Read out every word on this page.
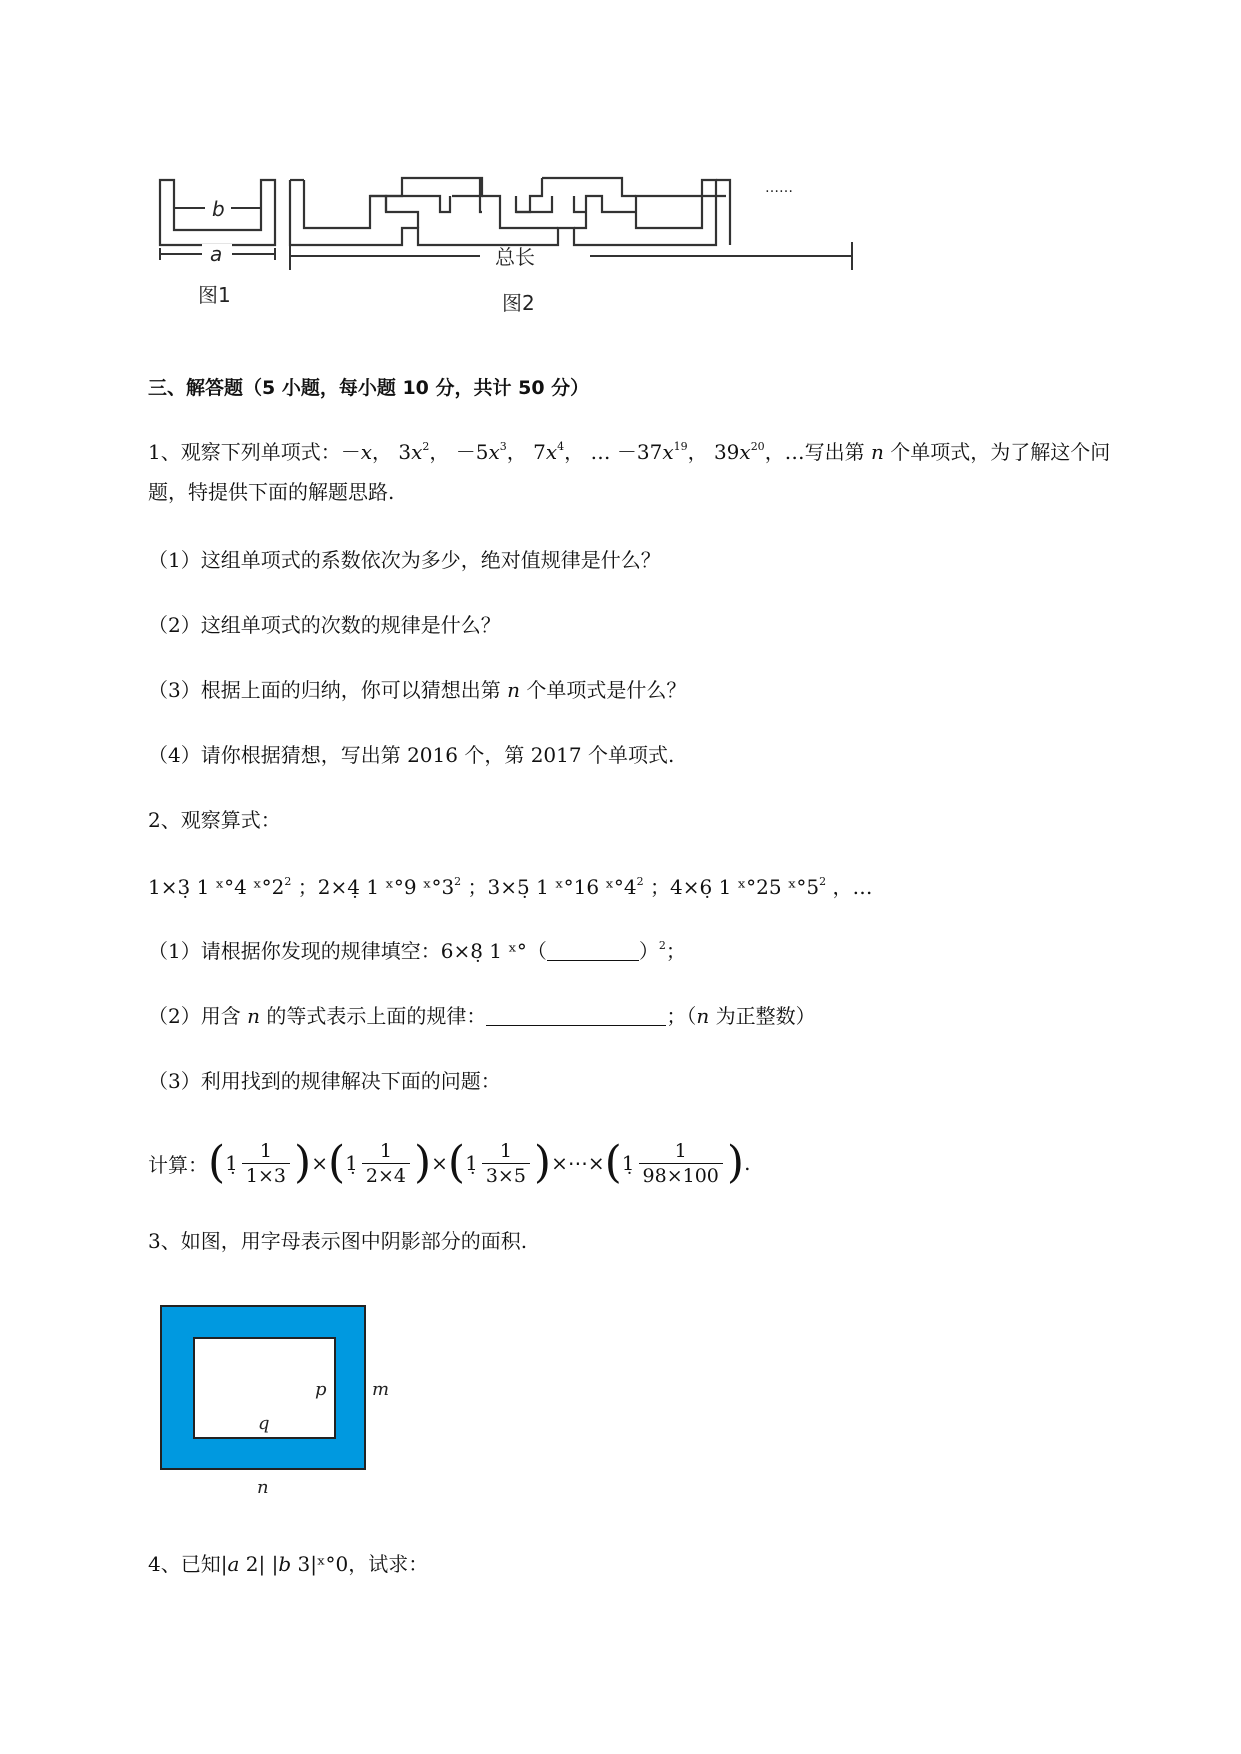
b
a
图1
总长
图2
……
三、解答题（5 小题，每小题 10 分，共计 50 分）
1、观察下列单项式：－x， $3x^2$， $-5x^3$， $7x^4$， … $-37x^{19}$， $39x^{20}$，…写出第 n 个单项式，为了解这个问
题，特提供下面的解题思路.
（1）这组单项式的系数依次为多少，绝对值规律是什么？
（2）这组单项式的次数的规律是什么？
（3）根据上面的归纳，你可以猜想出第 n 个单项式是什么？
（4）请你根据猜想，写出第 2016 个，第 2017 个单项式.
2、观察算式：
1×3̣ 1 ˣ°4 $ˣ^\circ 2^2$ ；2×4̣ 1 ˣ°9 $ˣ^\circ 3^2$ ；3×5̣ 1 ˣ°16 $ˣ^\circ 4^2$ ；4×6̣ 1 ˣ°25 $ˣ^\circ 5^2$ ，…
（1）请根据你发现的规律填空：6×8̣ 1 ˣ°（	）$^2$；
（2）用含 n 的等式表示上面的规律：	；（n 为正整数）
（3）利用找到的规律解决下面的问题：
计算： ( 1̣ $\frac{1}{1\times 3}$ ) × ( 1̣ $\frac{1}{2\times 4}$ ) × ( 1̣ $\frac{1}{3\times 5}$ ) ×⋯× ( 1̣ $\frac{1}{98\times 100}$ ) .
3、如图，用字母表示图中阴影部分的面积.
p
q
m
n
4、已知|a 2| |b 3|ˣ°0，试求：
